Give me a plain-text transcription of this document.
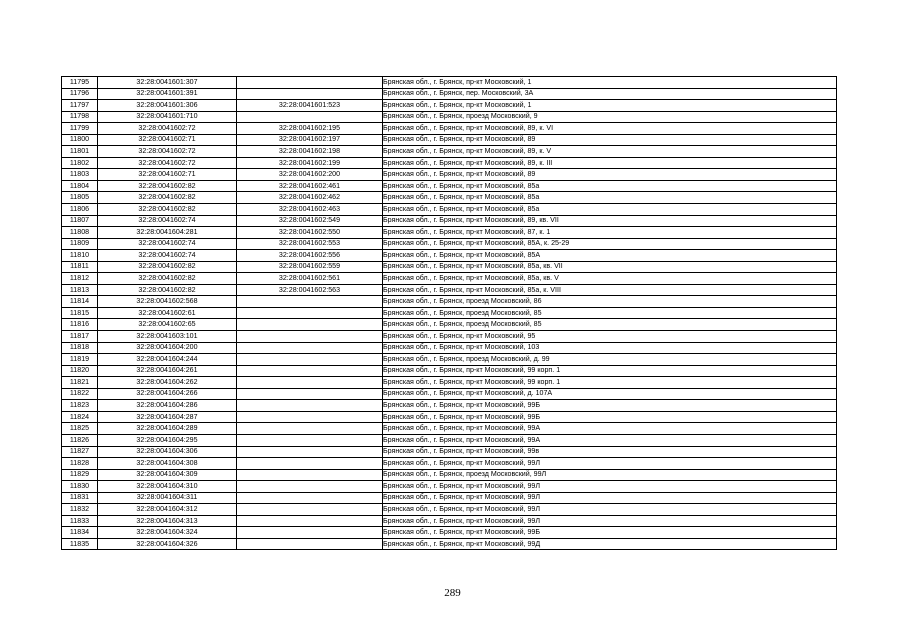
11795	32:28:0041601:307		Брянская обл., г. Брянск, пр-кт Московский, 1
11796	32:28:0041601:391		Брянская обл., г. Брянск, пер. Московский, 3А
11797	32:28:0041601:306	32:28:0041601:523	Брянская обл., г. Брянск, пр-кт Московский, 1
11798	32:28:0041601:710		Брянская обл., г. Брянск, проезд Московский, 9
11799	32:28:0041602:72	32:28:0041602:195	Брянская обл., г. Брянск, пр-кт Московский, 89, к. VI
11800	32:28:0041602:71	32:28:0041602:197	Брянская обл., г. Брянск, пр-кт Московский, 89
11801	32:28:0041602:72	32:28:0041602:198	Брянская обл., г. Брянск, пр-кт Московский, 89, к. V
11802	32:28:0041602:72	32:28:0041602:199	Брянская обл., г. Брянск, пр-кт Московский, 89, к. III
11803	32:28:0041602:71	32:28:0041602:200	Брянская обл., г. Брянск, пр-кт Московский, 89
11804	32:28:0041602:82	32:28:0041602:461	Брянская обл., г. Брянск, пр-кт Московский, 85а
11805	32:28:0041602:82	32:28:0041602:462	Брянская обл., г. Брянск, пр-кт Московский, 85а
11806	32:28:0041602:82	32:28:0041602:463	Брянская обл., г. Брянск, пр-кт Московский, 85а
11807	32:28:0041602:74	32:28:0041602:549	Брянская обл., г. Брянск, пр-кт Московский, 89, кв. VII
11808	32:28:0041604:281	32:28:0041602:550	Брянская обл., г. Брянск, пр-кт Московский, 87, к. 1
11809	32:28:0041602:74	32:28:0041602:553	Брянская обл., г. Брянск, пр-кт Московский, 85А, к. 25-29
11810	32:28:0041602:74	32:28:0041602:556	Брянская обл., г. Брянск, пр-кт Московский, 85А
11811	32:28:0041602:82	32:28:0041602:559	Брянская обл., г. Брянск, пр-кт Московский, 85а, кв. VII
11812	32:28:0041602:82	32:28:0041602:561	Брянская обл., г. Брянск, пр-кт Московский, 85а, кв. V
11813	32:28:0041602:82	32:28:0041602:563	Брянская обл., г. Брянск, пр-кт Московский, 85а, к. VIII
11814	32:28:0041602:568		Брянская обл., г. Брянск, проезд Московский, 86
11815	32:28:0041602:61		Брянская обл., г. Брянск, проезд Московский, 85
11816	32:28:0041602:65		Брянская обл., г. Брянск, проезд Московский, 85
11817	32:28:0041603:101		Брянская обл., г. Брянск, пр-кт Московский, 95
11818	32:28:0041604:200		Брянская обл., г. Брянск, пр-кт Московский, 103
11819	32:28:0041604:244		Брянская обл., г. Брянск, проезд Московский, д. 99
11820	32:28:0041604:261		Брянская обл., г. Брянск, пр-кт Московский, 99 корп. 1
11821	32:28:0041604:262		Брянская обл., г. Брянск, пр-кт Московский, 99 корп. 1
11822	32:28:0041604:266		Брянская обл., г. Брянск, пр-кт Московский, д. 107А
11823	32:28:0041604:286		Брянская обл., г. Брянск, пр-кт Московский, 99Б
11824	32:28:0041604:287		Брянская обл., г. Брянск, пр-кт Московский, 99Б
11825	32:28:0041604:289		Брянская обл., г. Брянск, пр-кт Московский, 99А
11826	32:28:0041604:295		Брянская обл., г. Брянск, пр-кт Московский, 99А
11827	32:28:0041604:306		Брянская обл., г. Брянск, пр-кт Московский, 99в
11828	32:28:0041604:308		Брянская обл., г. Брянск, пр-кт Московский, 99Л
11829	32:28:0041604:309		Брянская обл., г. Брянск, проезд Московский, 99Л
11830	32:28:0041604:310		Брянская обл., г. Брянск, пр-кт Московский, 99Л
11831	32:28:0041604:311		Брянская обл., г. Брянск, пр-кт Московский, 99Л
11832	32:28:0041604:312		Брянская обл., г. Брянск, пр-кт Московский, 99Л
11833	32:28:0041604:313		Брянская обл., г. Брянск, пр-кт Московский, 99Л
11834	32:28:0041604:324		Брянская обл., г. Брянск, пр-кт Московский, 99Б
11835	32:28:0041604:326		Брянская обл., г. Брянск, пр-кт Московский, 99Д
289
